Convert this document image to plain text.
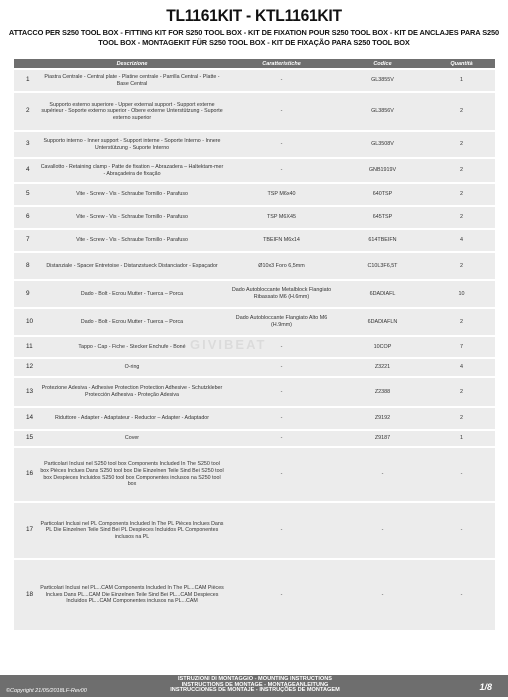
TL1161KIT - KTL1161KIT
ATTACCO PER S250 TOOL BOX - FITTING KIT FOR S250 TOOL BOX - KIT DE FIXATION POUR S250 TOOL BOX - KIT DE ANCLAJES PARA S250 TOOL BOX - MONTAGEKIT FÜR S250 TOOL BOX - KIT DE FIXAÇÃO PARA S250 TOOL BOX
	Descrizione	Caratteristiche	Codice	Quantità
1	Piastra Centrale - Central plate - Platine centrale - Parrilla Central - Platte - Base Central	-	GL3855V	1
2	Supporto esterno superiore - Upper external support - Support externe supérieur - Soporte externo superior - Obere externe Unterstützung - Suporte externo superior	-	GL3856V	2
3	Supporto interno - Inner support - Support interne - Soporte Interno - Innere Unterstützung - Suporte Interno	-	GL3508V	2
4	Cavallotto - Retaining clamp - Patte de fixation – Abrazadera – Haltektam-mer - Abraçadeira de fixação	-	GNB1919V	2
5	Vite - Screw - Vis - Schraube Tornillo - Parafuso	TSP M6x40	640TSP	2
6	Vite - Screw - Vis - Schraube Tornillo - Parafuso	TSP M6X45	645TSP	2
7	Vite - Screw - Vis - Schraube Tornillo - Parafuso	TBEIFN M6x14	614TBEIFN	4
8	Distanziale - Spacer Entretoise - Distanzstueck Distanciador - Espaçador	Ø10x3 Foro 6,5mm	C10L3F6,5T	2
9	Dado - Bolt - Ecrou Mutter - Tuerca – Porca	Dado Autobloccante Metalblock Flangiato Ribassato M6 (H.6mm)	6DADIAFL	10
10	Dado - Bolt - Ecrou Mutter - Tuerca – Porca	Dado Autobloccante Flangiato Alto M6 (H.9mm)	6DADIAFLN	2
11	Tappo - Cap - Fiche - Stecker Enchufe - Boné	-	10COP	7
12	O-ring	-	Z3221	4
13	Protezione Adesiva - Adhesive Protection Protection Adhesive - Schutzkleber Protección Adhesiva - Proteção Adesiva	-	Z2388	2
14	Riduttore - Adapter - Adaptateur - Reductor – Adapter - Adaptador	-	Z9192	2
15	Cover	-	Z9187	1
16	Particolari Inclusi nel S250 tool box Components Included In The S250 tool box Pièces Inclues Dans S250 tool box Die Einzelnen Teile Sind Bei S250 tool box Despieces Incluidos S250 tool box Componentes inclusos na S250 tool box	-	-	-
17	Particolari Inclusi nel PL Components Included In The PL Pièces Inclues Dans PL Die Einzelnen Teile Sind Bei PL Despieces Incluidos PL Componentes inclusos na PL	-	-	-
18	Particolari Inclusi nel PL...CAM Components Included In The PL...CAM Pièces Inclues Dans PL...CAM Die Einzelnen Teile Sind Bei PL...CAM Despieces Incluidos PL...CAM Componentes inclusos na PL...CAM	-	-	-
GIVIBEAT
©Copyright 21/05/2018LF-Rev00
ISTRUZIONI DI MONTAGGIO - MOUNTING INSTRUCTIONS
INSTRUCTIONS DE MONTAGE - MONTAGEANLEITUNG
INSTRUCCIONES DE MONTAJE - INSTRUÇÕES DE MONTAGEM	1/8
